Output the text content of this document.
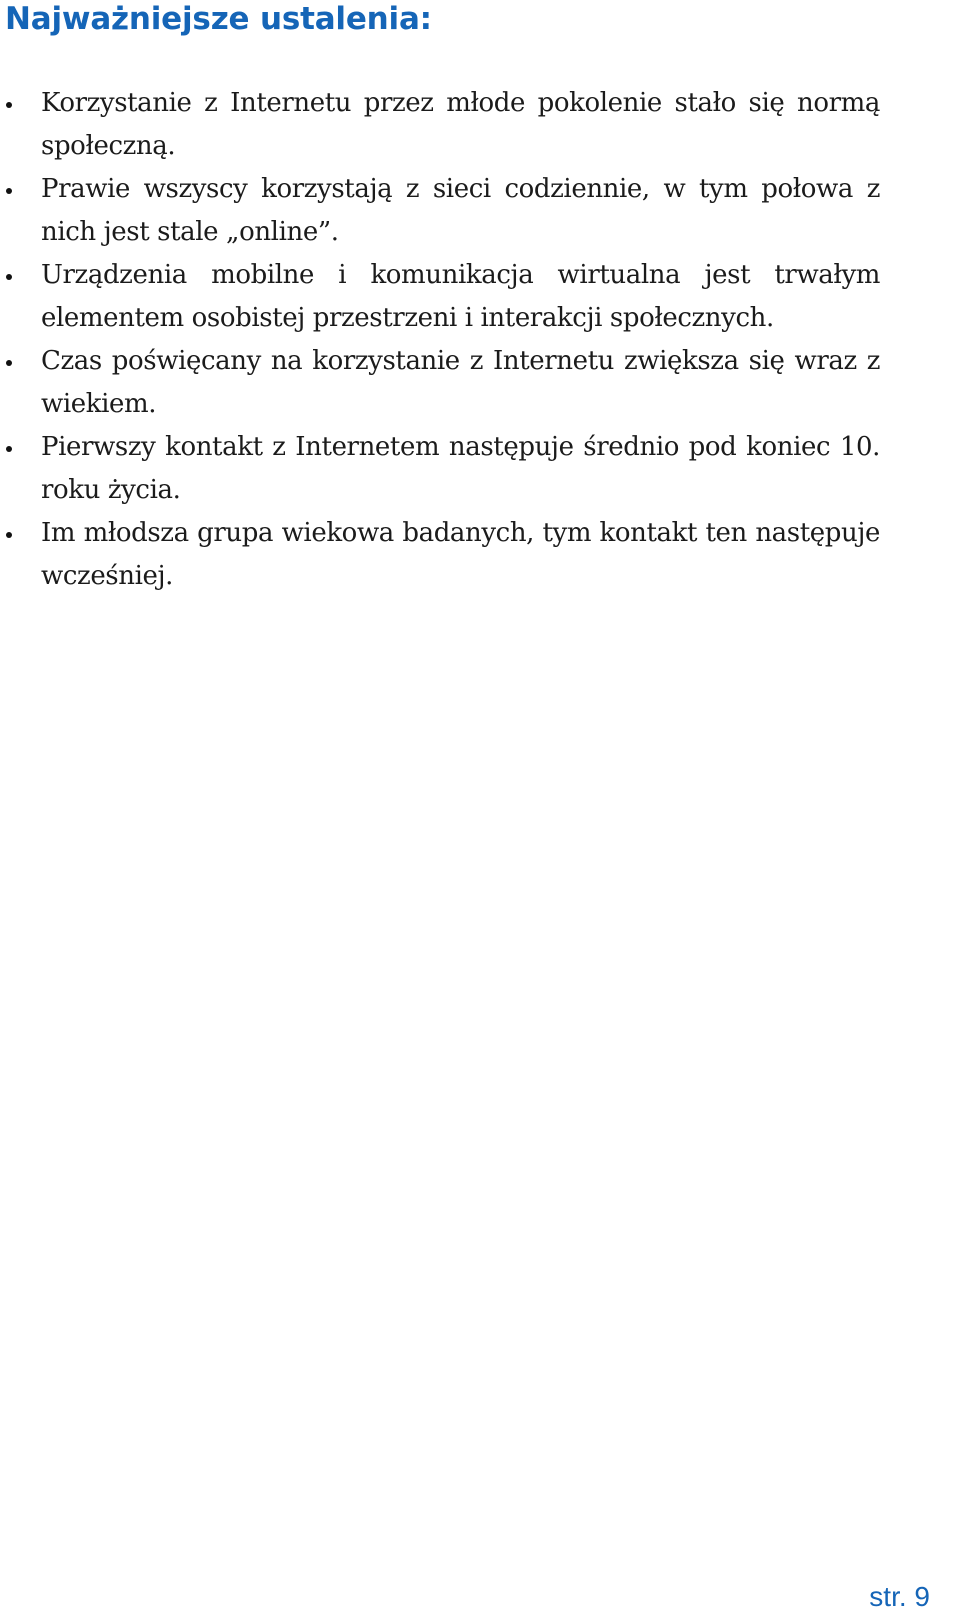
Najważniejsze ustalenia:
Korzystanie z Internetu przez młode pokolenie stało się normą społeczną.
Prawie wszyscy korzystają z sieci codziennie, w tym połowa z nich jest stale „online”.
Urządzenia mobilne i komunikacja wirtualna jest trwałym elementem osobistej przestrzeni i interakcji społecznych.
Czas poświęcany na korzystanie z Internetu zwiększa się wraz z wiekiem.
Pierwszy kontakt z Internetem następuje średnio pod koniec 10. roku życia.
Im młodsza grupa wiekowa badanych, tym kontakt ten następuje wcześniej.
str. 9
